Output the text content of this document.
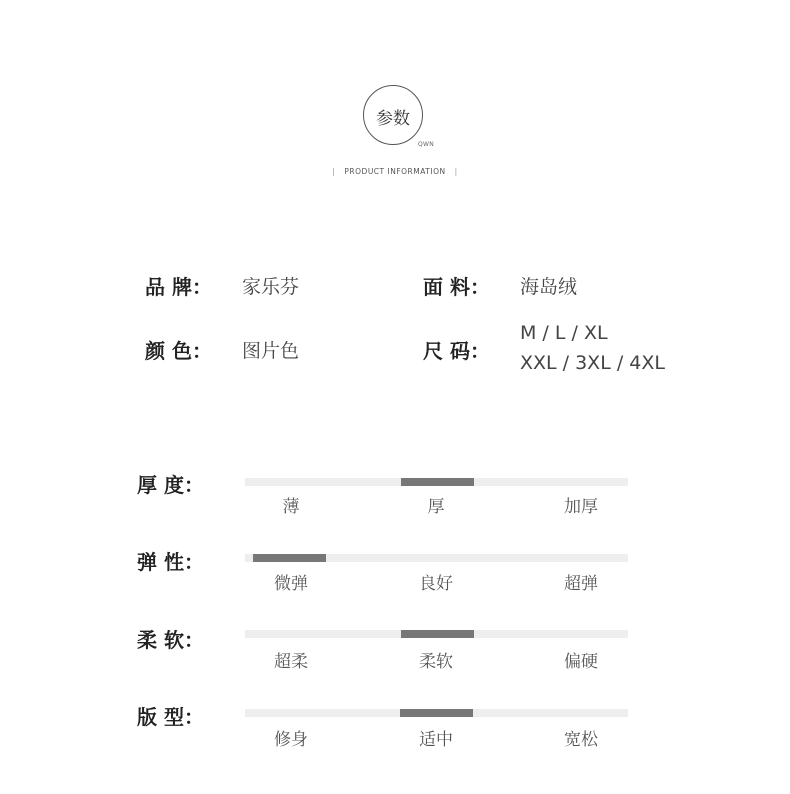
参数
QWN
| PRODUCT INFORMATION |
品 牌： 家乐芬	面 料： 海岛绒
颜 色： 图片色	尺 码：
M / L / XL
XXL / 3XL / 4XL
厚 度：
薄	厚	加厚
弹 性：
微弹	良好	超弹
柔 软：
超柔	柔软	偏硬
版 型：
修身	适中	宽松
